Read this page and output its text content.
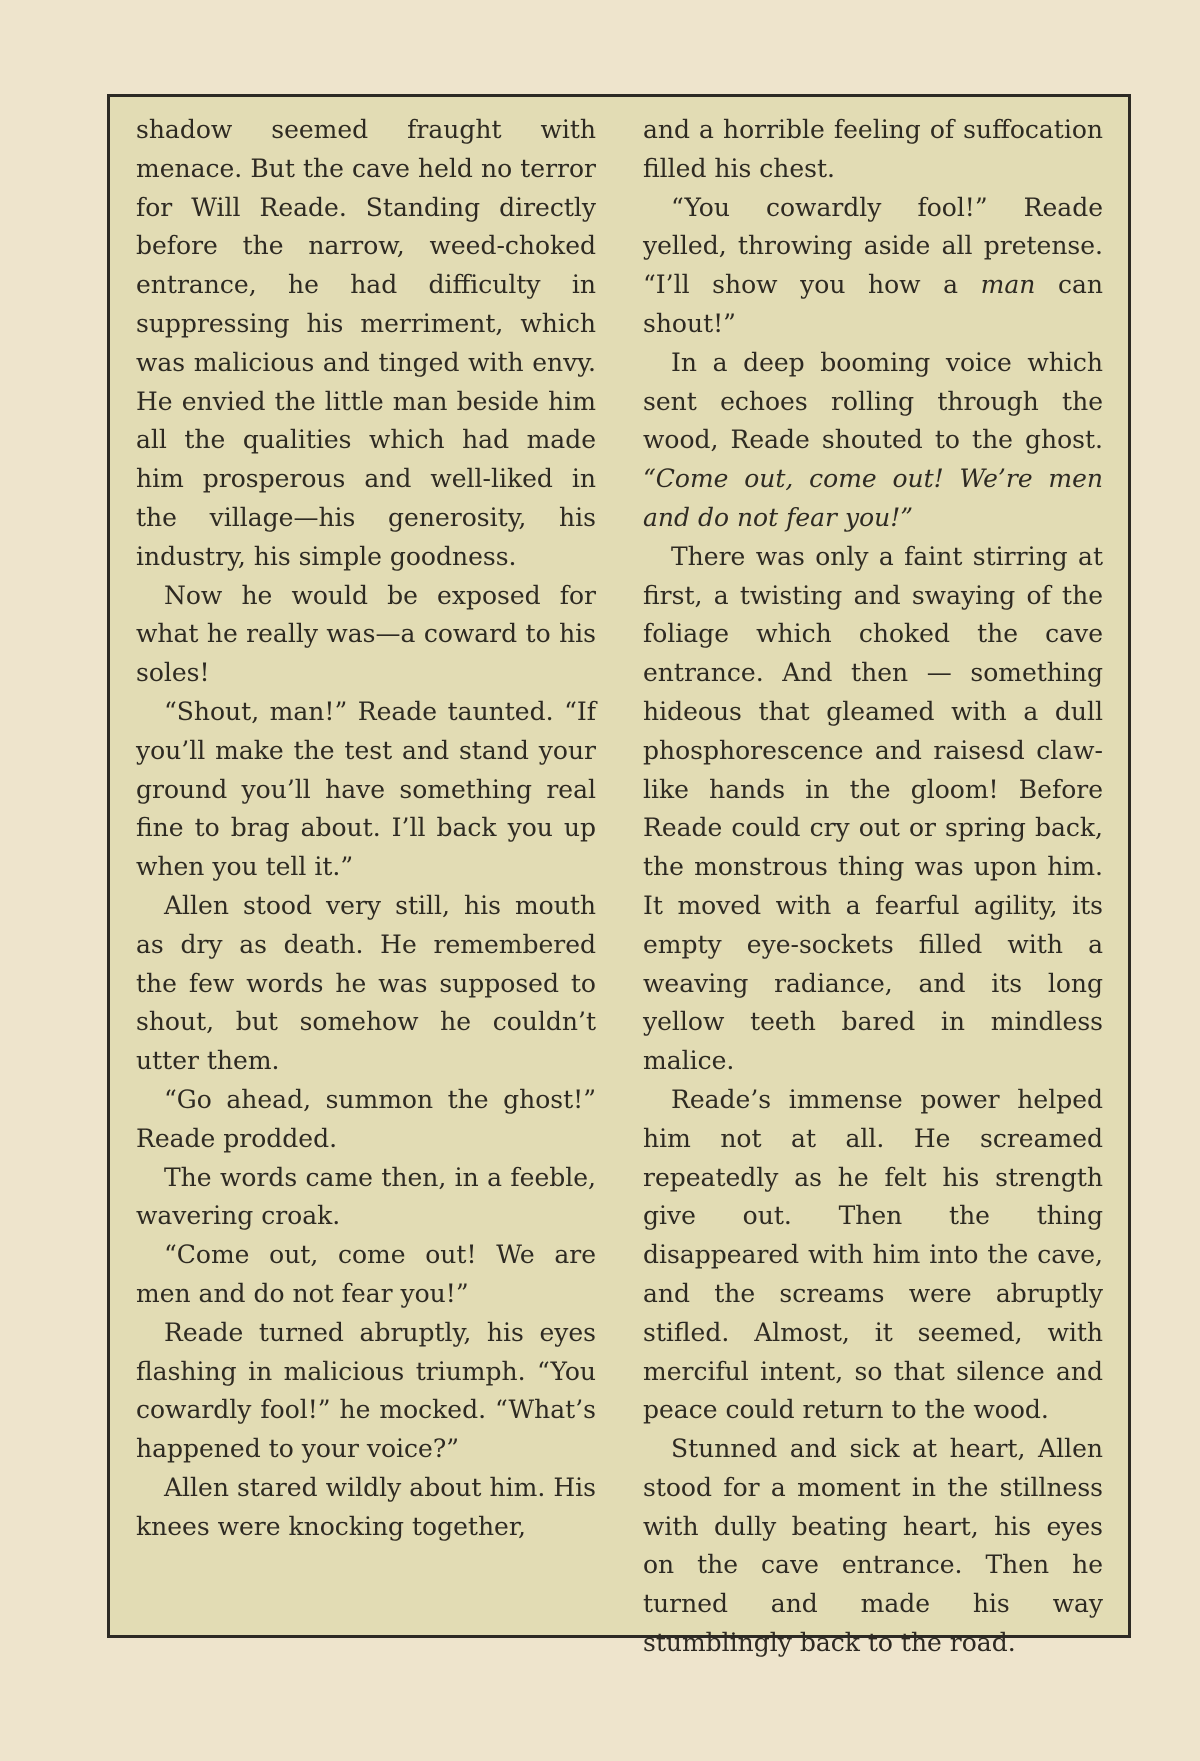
shadow seemed fraught with menace. But the cave held no terror for Will Reade. Standing directly before the narrow, weed-choked entrance, he had difficulty in suppressing his merriment, which was malicious and tinged with envy. He envied the little man beside him all the qualities which had made him prosperous and well-liked in the village—his generosity, his industry, his simple goodness.

Now he would be exposed for what he really was—a coward to his soles!

“Shout, man!” Reade taunted. “If you’ll make the test and stand your ground you’ll have something real fine to brag about. I’ll back you up when you tell it.”

Allen stood very still, his mouth as dry as death. He remembered the few words he was supposed to shout, but somehow he couldn’t utter them.

“Go ahead, summon the ghost!” Reade prodded.

The words came then, in a feeble, wavering croak.

“Come out, come out! We are men and do not fear you!”

Reade turned abruptly, his eyes flashing in malicious triumph. “You cowardly fool!” he mocked. “What’s happened to your voice?”

Allen stared wildly about him. His knees were knocking together,

and a horrible feeling of suffocation filled his chest.

“You cowardly fool!” Reade yelled, throwing aside all pretense. “I’ll show you how a man can shout!”

In a deep booming voice which sent echoes rolling through the wood, Reade shouted to the ghost. “Come out, come out! We’re men and do not fear you!”

There was only a faint stirring at first, a twisting and swaying of the foliage which choked the cave entrance. And then — something hideous that gleamed with a dull phosphorescence and raisesd claw-like hands in the gloom! Before Reade could cry out or spring back, the monstrous thing was upon him. It moved with a fearful agility, its empty eye-sockets filled with a weaving radiance, and its long yellow teeth bared in mindless malice.

Reade’s immense power helped him not at all. He screamed repeatedly as he felt his strength give out. Then the thing disappeared with him into the cave, and the screams were abruptly stifled. Almost, it seemed, with merciful intent, so that silence and peace could return to the wood.

Stunned and sick at heart, Allen stood for a moment in the stillness with dully beating heart, his eyes on the cave entrance. Then he turned and made his way stumblingly back to the road.
